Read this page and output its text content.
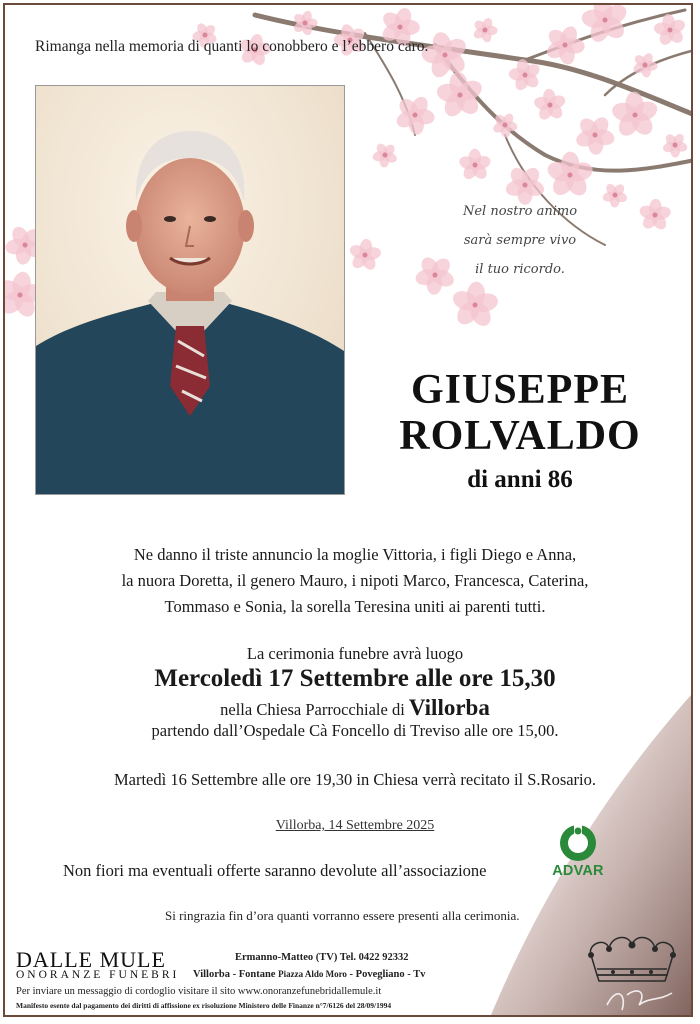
Rimanga nella memoria di quanti lo conobbero e l’ebbero caro.
Nel nostro animo
sarà sempre vivo
il tuo ricordo.
GIUSEPPE
ROLVALDO
di anni 86
Ne danno il triste annuncio la moglie Vittoria, i figli Diego e Anna,
la nuora Doretta, il genero Mauro, i nipoti Marco, Francesca, Caterina,
Tommaso e Sonia, la sorella Teresina uniti ai parenti tutti.
La cerimonia funebre avrà luogo
Mercoledì 17 Settembre alle ore 15,30
nella Chiesa Parrocchiale di Villorba
partendo dall’Ospedale Cà Foncello di Treviso alle ore 15,00.
Martedì 16 Settembre alle ore 19,30 in Chiesa verrà recitato il S.Rosario.
Villorba, 14 Settembre 2025
Non fiori ma eventuali offerte saranno devolute all’associazione	ADVAR
Si ringrazia fin d’ora quanti vorranno essere presenti alla cerimonia.
DALLE MULE
ONORANZE FUNEBRI
Ermanno-Matteo (TV) Tel. 0422 92332
Villorba - Fontane Piazza Aldo Moro - Povegliano - Tv
Per inviare un messaggio di cordoglio visitare il sito www.onoranzefunebridallemule.it
Manifesto esente dal pagamento dei diritti di affissione ex risoluzione Ministero delle Finanze n°7/6126 del 28/09/1994
